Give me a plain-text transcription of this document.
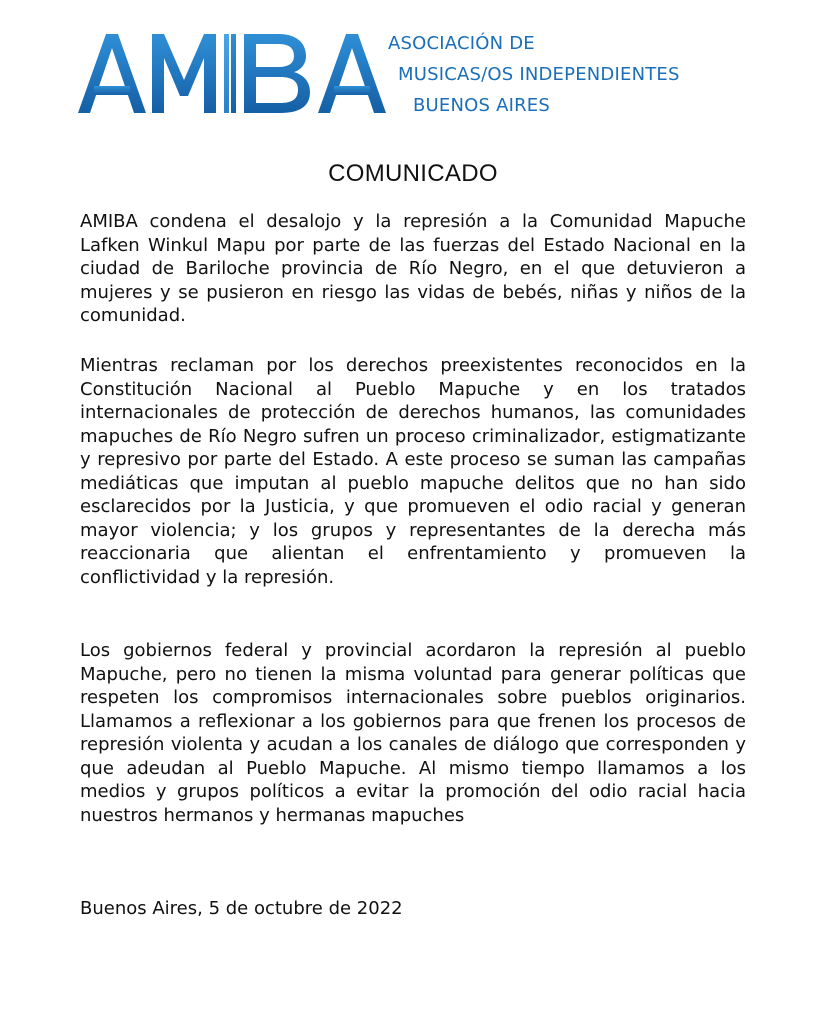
ASOCIACIÓN DE
MUSICAS/OS INDEPENDIENTES
BUENOS AIRES
COMUNICADO

AMIBA condena el desalojo y la represión a la Comunidad Mapuche Lafken Winkul Mapu por parte de las fuerzas del Estado Nacional en la ciudad de Bariloche provincia de Río Negro, en el que detuvieron a mujeres y se pusieron en riesgo las vidas de bebés, niñas y niños de la comunidad.

Mientras reclaman por los derechos preexistentes reconocidos en la Constitución Nacional al Pueblo Mapuche y en los tratados internacionales de protección de derechos humanos, las comunidades mapuches de Río Negro sufren un proceso criminalizador, estigmatizante y represivo por parte del Estado. A este proceso se suman las campañas mediáticas que imputan al pueblo mapuche delitos que no han sido esclarecidos por la Justicia, y que promueven el odio racial y generan mayor violencia; y los grupos y representantes de la derecha más reaccionaria que alientan el enfrentamiento y promueven la conflictividad y la represión.

Los gobiernos federal y provincial acordaron la represión al pueblo Mapuche, pero no tienen la misma voluntad para generar políticas que respeten los compromisos internacionales sobre pueblos originarios. Llamamos a reflexionar a los gobiernos para que frenen los procesos de represión violenta y acudan a los canales de diálogo que corresponden y que adeudan al Pueblo Mapuche. Al mismo tiempo llamamos a los medios y grupos políticos a evitar la promoción del odio racial hacia nuestros hermanos y hermanas mapuches

Buenos Aires, 5 de octubre de 2022
